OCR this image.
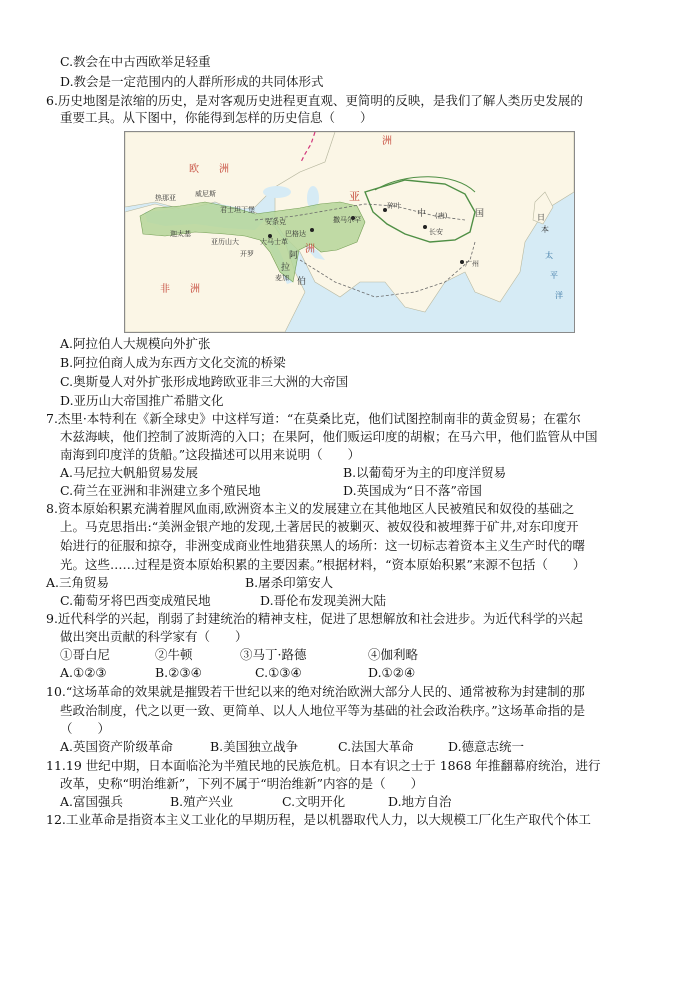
C.教会在中古西欧举足轻重
D.教会是一定范围内的人群所形成的共同体形式
6.历史地图是浓缩的历史，是对客观历史进程更直观、更简明的反映，是我们了解人类历史发展的
重要工具。从下图中，你能得到怎样的历史信息（　　）
欧　　洲
亚
洲
非　　洲
中	国
(唐)
长安
广州
碎叶
撒马尔罕
威尼斯
君士坦丁堡
巴格达
大马士革
亚历山大
开罗
麦加
热那亚
迦太基
阿
拉
伯
安条克	日
本
太
平
洋
洲
A.阿拉伯人大规模向外扩张
B.阿拉伯商人成为东西方文化交流的桥梁
C.奥斯曼人对外扩张形成地跨欧亚非三大洲的大帝国
D.亚历山大帝国推广希腊文化
7.杰里·本特利在《新全球史》中这样写道：“在莫桑比克，他们试图控制南非的黄金贸易；在霍尔
木兹海峡，他们控制了波斯湾的入口；在果阿，他们贩运印度的胡椒；在马六甲，他们监管从中国
南海到印度洋的货船。”这段描述可以用来说明（　　）
A.马尼拉大帆船贸易发展	B.以葡萄牙为主的印度洋贸易
C.荷兰在亚洲和非洲建立多个殖民地	D.英国成为“日不落”帝国
8.资本原始积累充满着腥风血雨,欧洲资本主义的发展建立在其他地区人民被殖民和奴役的基础之
上。马克思指出:“美洲金银产地的发现,土著居民的被剿灭、被奴役和被埋葬于矿井,对东印度开
始进行的征服和掠夺，非洲变成商业性地猎获黑人的场所：这一切标志着资本主义生产时代的曙
光。这些……过程是资本原始积累的主要因素。”根据材料，“资本原始积累”来源不包括（　　）
A.三角贸易	B.屠杀印第安人
C.葡萄牙将巴西变成殖民地	D.哥伦布发现美洲大陆
9.近代科学的兴起，削弱了封建统治的精神支柱，促进了思想解放和社会进步。为近代科学的兴起
做出突出贡献的科学家有（　　）
①哥白尼	②牛顿	③马丁·路德	④伽利略
A.①②③	B.②③④	C.①③④	D.①②④
10.“这场革命的效果就是摧毁若干世纪以来的绝对统治欧洲大部分人民的、通常被称为封建制的那
些政治制度，代之以更一致、更简单、以人人地位平等为基础的社会政治秩序。”这场革命指的是
（　　）
A.英国资产阶级革命	B.美国独立战争	C.法国大革命	D.德意志统一
11.19 世纪中期，日本面临沦为半殖民地的民族危机。日本有识之士于 1868 年推翻幕府统治，进行
改革，史称“明治维新”，下列不属于“明治维新”内容的是（　　）
A.富国强兵	B.殖产兴业	C.文明开化	D.地方自治
12.工业革命是指资本主义工业化的早期历程，是以机器取代人力，以大规模工厂化生产取代个体工
